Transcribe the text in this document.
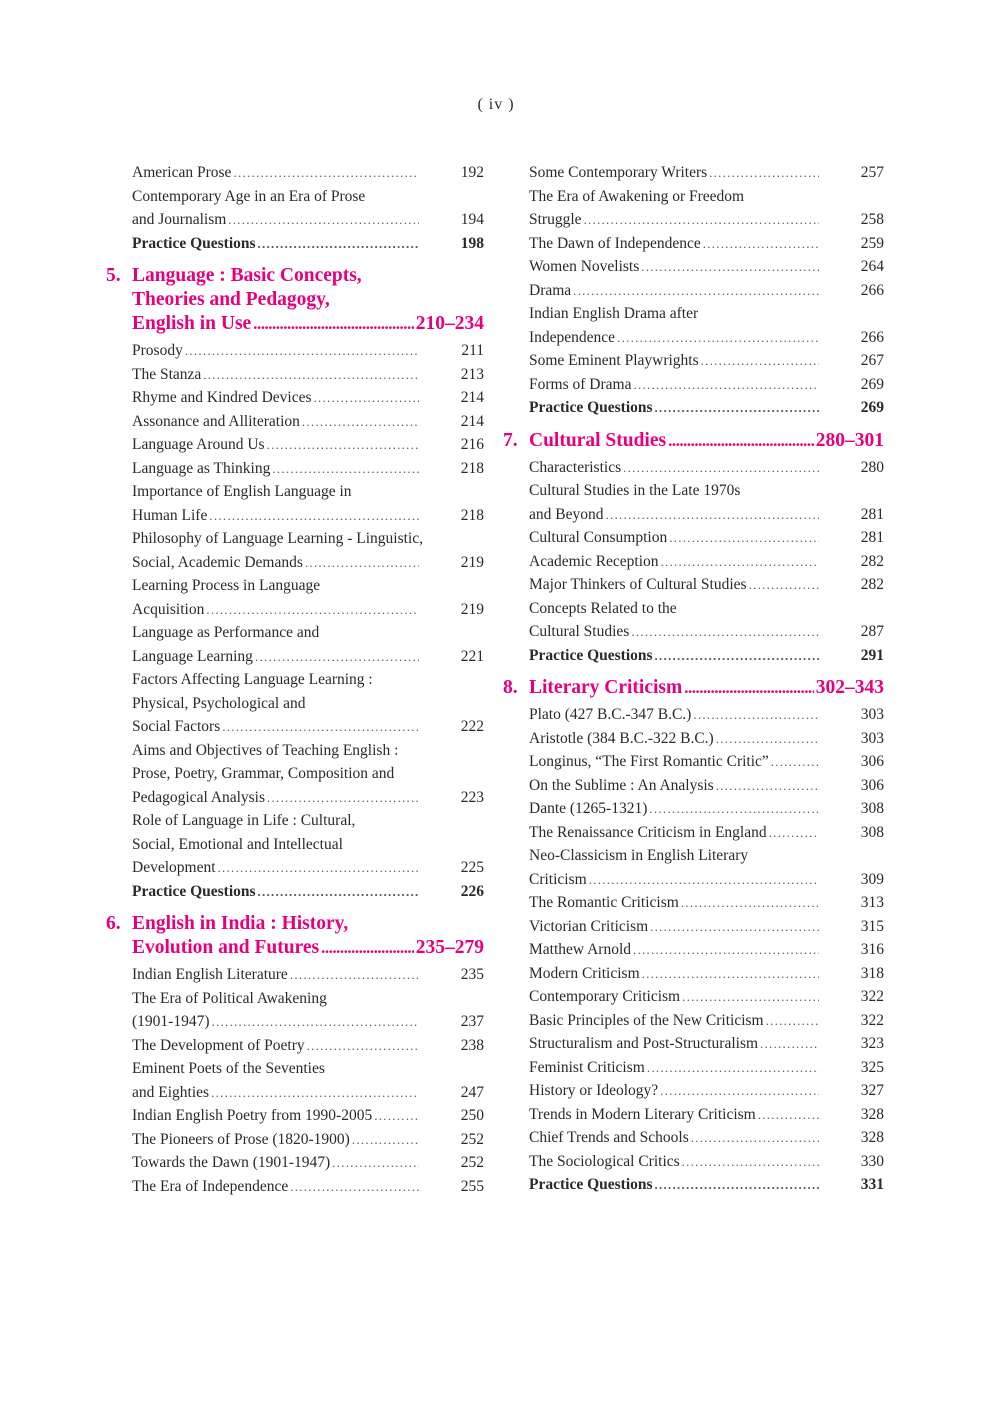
( iv )
American Prose . . .	192
Contemporary Age in an Era of Prose
and Journalism . . .	194
Practice Questions . . .	198
5. Language : Basic Concepts,
Theories and Pedagogy,
English in Use .....	210–234
Prosody . . .	211
The Stanza . . .	213
Rhyme and Kindred Devices . . .	214
Assonance and Alliteration . . .	214
Language Around Us . . .	216
Language as Thinking . . .	218
Importance of English Language in
Human Life . . .	218
Philosophy of Language Learning - Linguistic,
Social, Academic Demands . . .	219
Learning Process in Language
Acquisition . . .	219
Language as Performance and
Language Learning . . .	221
Factors Affecting Language Learning :
Physical, Psychological and
Social Factors . . .	222
Aims and Objectives of Teaching English :
Prose, Poetry, Grammar, Composition and
Pedagogical Analysis . . .	223
Role of Language in Life : Cultural,
Social, Emotional and Intellectual
Development . . .	225
Practice Questions . . .	226
6. English in India : History,
Evolution and Futures .....	235–279
Indian English Literature . . .	235
The Era of Political Awakening
(1901-1947) . . .	237
The Development of Poetry . . .	238
Eminent Poets of the Seventies
and Eighties . . .	247
Indian English Poetry from 1990-2005 . . .	250
The Pioneers of Prose (1820-1900) . . .	252
Towards the Dawn (1901-1947) . . .	252
The Era of Independence . . .	255
Some Contemporary Writers . . .	257
The Era of Awakening or Freedom
Struggle . . .	258
The Dawn of Independence . . .	259
Women Novelists . . .	264
Drama . . .	266
Indian English Drama after
Independence . . .	266
Some Eminent Playwrights . . .	267
Forms of Drama . . .	269
Practice Questions . . .	269
7. Cultural Studies .....	280–301
Characteristics . . .	280
Cultural Studies in the Late 1970s
and Beyond . . .	281
Cultural Consumption . . .	281
Academic Reception . . .	282
Major Thinkers of Cultural Studies . . .	282
Concepts Related to the
Cultural Studies . . .	287
Practice Questions . . .	291
8. Literary Criticism .....	302–343
Plato (427 B.C.-347 B.C.) . . .	303
Aristotle (384 B.C.-322 B.C.) . . .	303
Longinus, “The First Romantic Critic” . . .	306
On the Sublime : An Analysis . . .	306
Dante (1265-1321) . . .	308
The Renaissance Criticism in England . . .	308
Neo-Classicism in English Literary
Criticism . . .	309
The Romantic Criticism . . .	313
Victorian Criticism . . .	315
Matthew Arnold . . .	316
Modern Criticism . . .	318
Contemporary Criticism . . .	322
Basic Principles of the New Criticism . . .	322
Structuralism and Post-Structuralism . . .	323
Feminist Criticism . . .	325
History or Ideology? . . .	327
Trends in Modern Literary Criticism . . .	328
Chief Trends and Schools . . .	328
The Sociological Critics . . .	330
Practice Questions . . .	331
